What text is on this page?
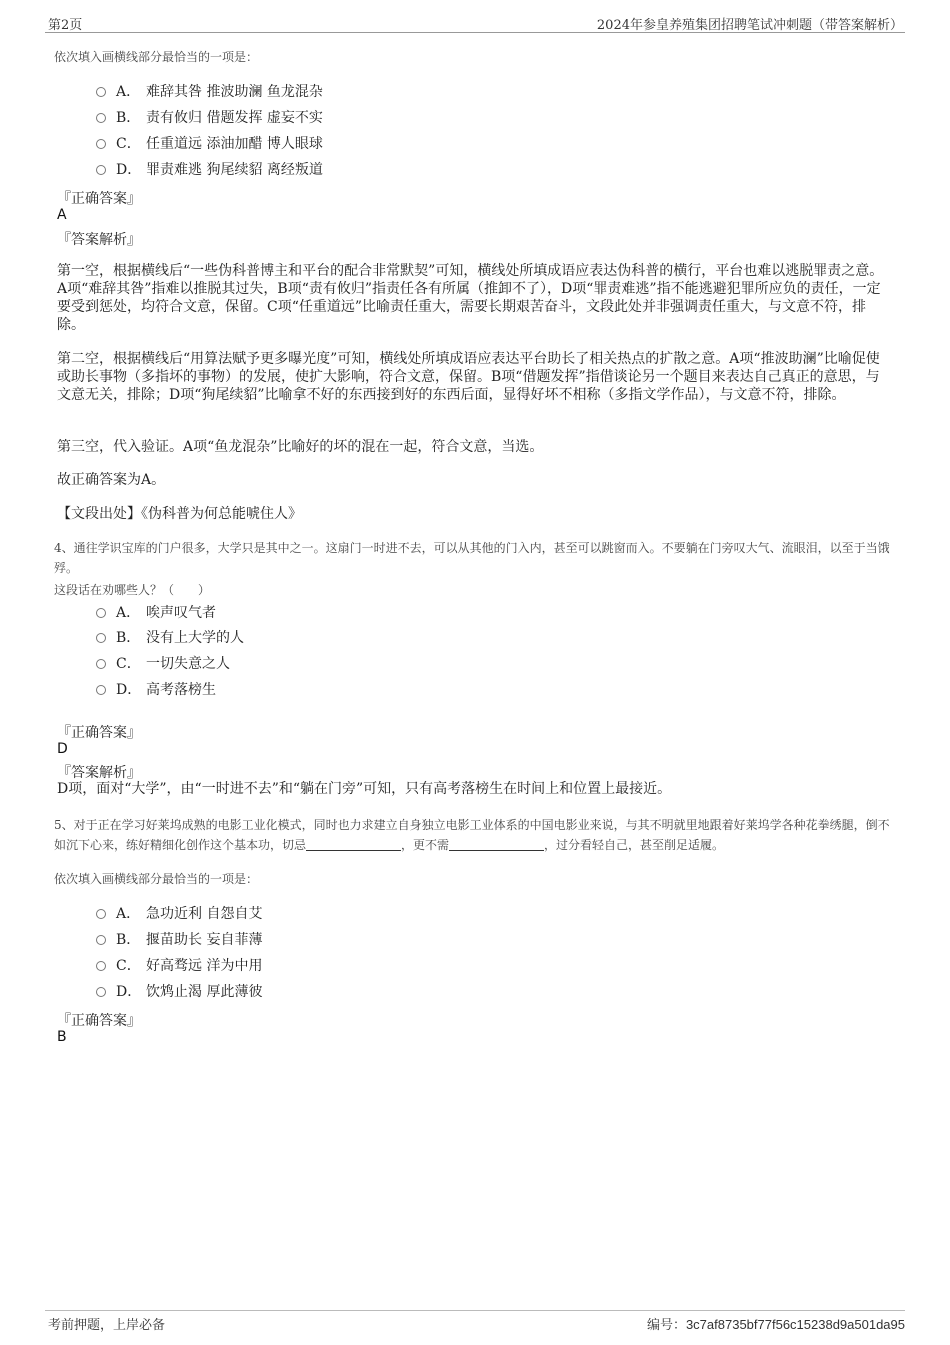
第2页	2024年参皇养殖集团招聘笔试冲刺题（带答案解析）
依次填入画横线部分最恰当的一项是：
A． 难辞其咎 推波助澜 鱼龙混杂
B． 责有攸归 借题发挥 虚妄不实
C． 任重道远 添油加醋 博人眼球
D． 罪责难逃 狗尾续貂 离经叛道
『正确答案』
A
『答案解析』
第一空，根据横线后“一些伪科普博主和平台的配合非常默契”可知，横线处所填成语应表达伪科普的横行，平台也难以逃脱罪责之意。A项“难辞其咎”指难以推脱其过失，B项“责有攸归”指责任各有所属（推卸不了），D项“罪责难逃”指不能逃避犯罪所应负的责任，一定要受到惩处，均符合文意，保留。C项“任重道远”比喻责任重大，需要长期艰苦奋斗，文段此处并非强调责任重大，与文意不符，排除。
第二空，根据横线后“用算法赋予更多曝光度”可知，横线处所填成语应表达平台助长了相关热点的扩散之意。A项“推波助澜”比喻促使或助长事物（多指坏的事物）的发展，使扩大影响，符合文意，保留。B项“借题发挥”指借谈论另一个题目来表达自己真正的意思，与文意无关，排除；D项“狗尾续貂”比喻拿不好的东西接到好的东西后面，显得好坏不相称（多指文学作品），与文意不符，排除。
第三空，代入验证。A项“鱼龙混杂”比喻好的坏的混在一起，符合文意，当选。
故正确答案为A。
【文段出处】《伪科普为何总能唬住人》
4、通往学识宝库的门户很多，大学只是其中之一。这扇门一时进不去，可以从其他的门入内，甚至可以跳窗而入。不要躺在门旁叹大气、流眼泪，以至于当饿殍。
这段话在劝哪些人？（　　）
A． 唉声叹气者
B． 没有上大学的人
C． 一切失意之人
D． 高考落榜生
『正确答案』
D
『答案解析』
D项，面对“大学”，由“一时进不去”和“躺在门旁”可知，只有高考落榜生在时间上和位置上最接近。
5、对于正在学习好莱坞成熟的电影工业化模式，同时也力求建立自身独立电影工业体系的中国电影业来说，与其不明就里地跟着好莱坞学各种花拳绣腿，倒不如沉下心来，练好精细化创作这个基本功，切忌	，更不需	，过分看轻自己，甚至削足适履。
依次填入画横线部分最恰当的一项是：
A． 急功近利 自怨自艾
B． 揠苗助长 妄自菲薄
C． 好高骛远 洋为中用
D． 饮鸩止渴 厚此薄彼
『正确答案』
B
考前押题，上岸必备	编号：3c7af8735bf77f56c15238d9a501da95
